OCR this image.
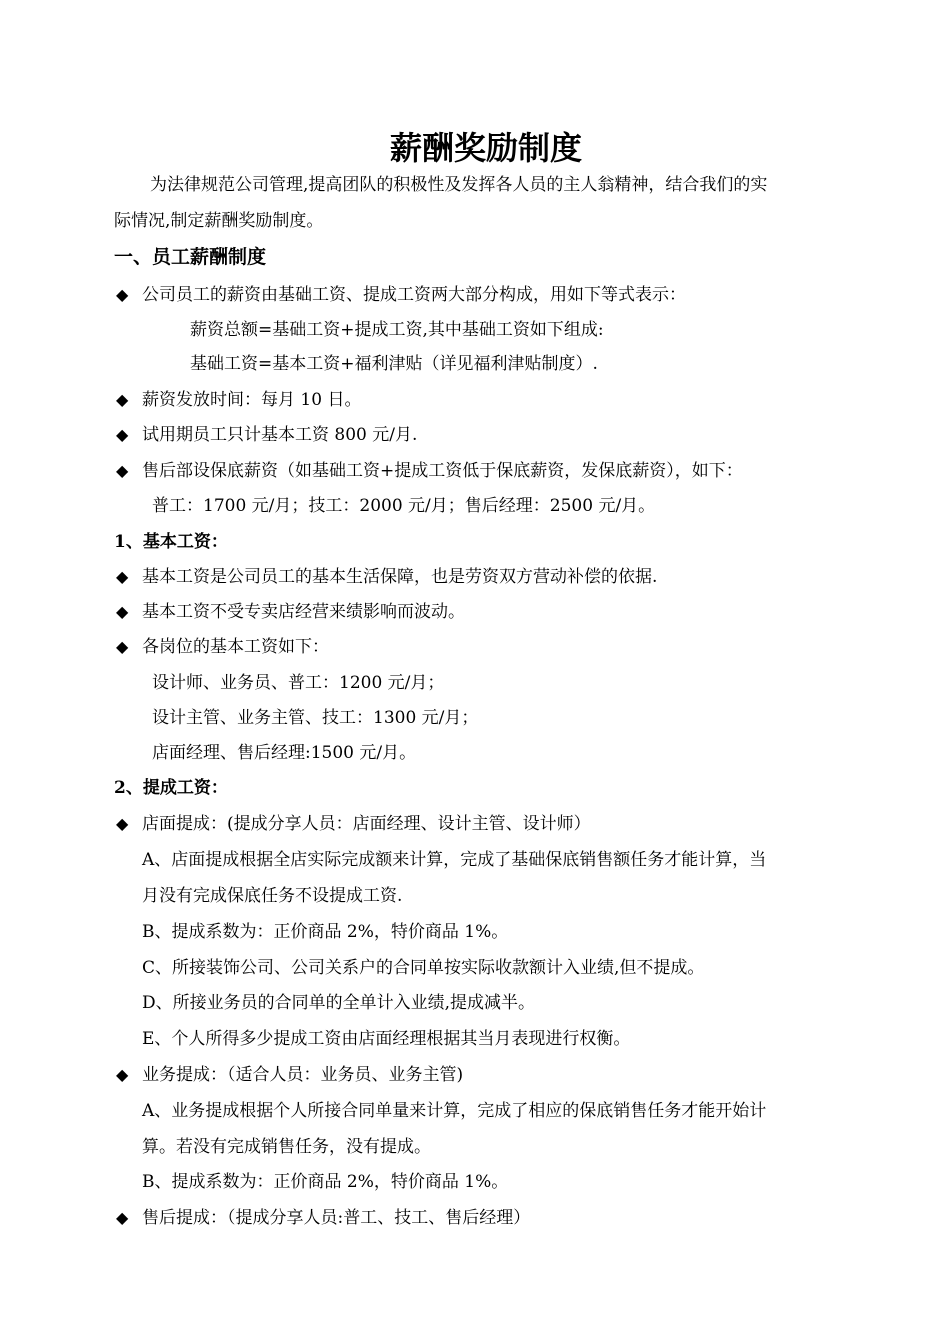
薪酬奖励制度
为法律规范公司管理,提高团队的积极性及发挥各人员的主人翁精神，结合我们的实
际情况,制定薪酬奖励制度。
一、员工薪酬制度
◆ 公司员工的薪资由基础工资、提成工资两大部分构成，用如下等式表示：
薪资总额=基础工资+提成工资,其中基础工资如下组成:
基础工资=基本工资+福利津贴（详见福利津贴制度）.
◆ 薪资发放时间：每月 10 日。
◆ 试用期员工只计基本工资 800 元/月.
◆ 售后部设保底薪资（如基础工资+提成工资低于保底薪资，发保底薪资），如下：
普工：1700 元/月；技工：2000 元/月；售后经理：2500 元/月。
1、基本工资：
◆ 基本工资是公司员工的基本生活保障，也是劳资双方营动补偿的依据.
◆ 基本工资不受专卖店经营来绩影响而波动。
◆ 各岗位的基本工资如下：
设计师、业务员、普工：1200 元/月；
设计主管、业务主管、技工：1300 元/月；
店面经理、售后经理:1500 元/月。
2、提成工资：
◆ 店面提成：(提成分享人员：店面经理、设计主管、设计师）
A、店面提成根据全店实际完成额来计算，完成了基础保底销售额任务才能计算，当
月没有完成保底任务不设提成工资.
B、提成系数为：正价商品 2%，特价商品 1%。
C、所接装饰公司、公司关系户的合同单按实际收款额计入业绩,但不提成。
D、所接业务员的合同单的全单计入业绩,提成减半。
E、个人所得多少提成工资由店面经理根据其当月表现进行权衡。
◆ 业务提成：（适合人员：业务员、业务主管)
A、业务提成根据个人所接合同单量来计算，完成了相应的保底销售任务才能开始计
算。若没有完成销售任务，没有提成。
B、提成系数为：正价商品 2%，特价商品 1%。
◆ 售后提成：（提成分享人员:普工、技工、售后经理）
